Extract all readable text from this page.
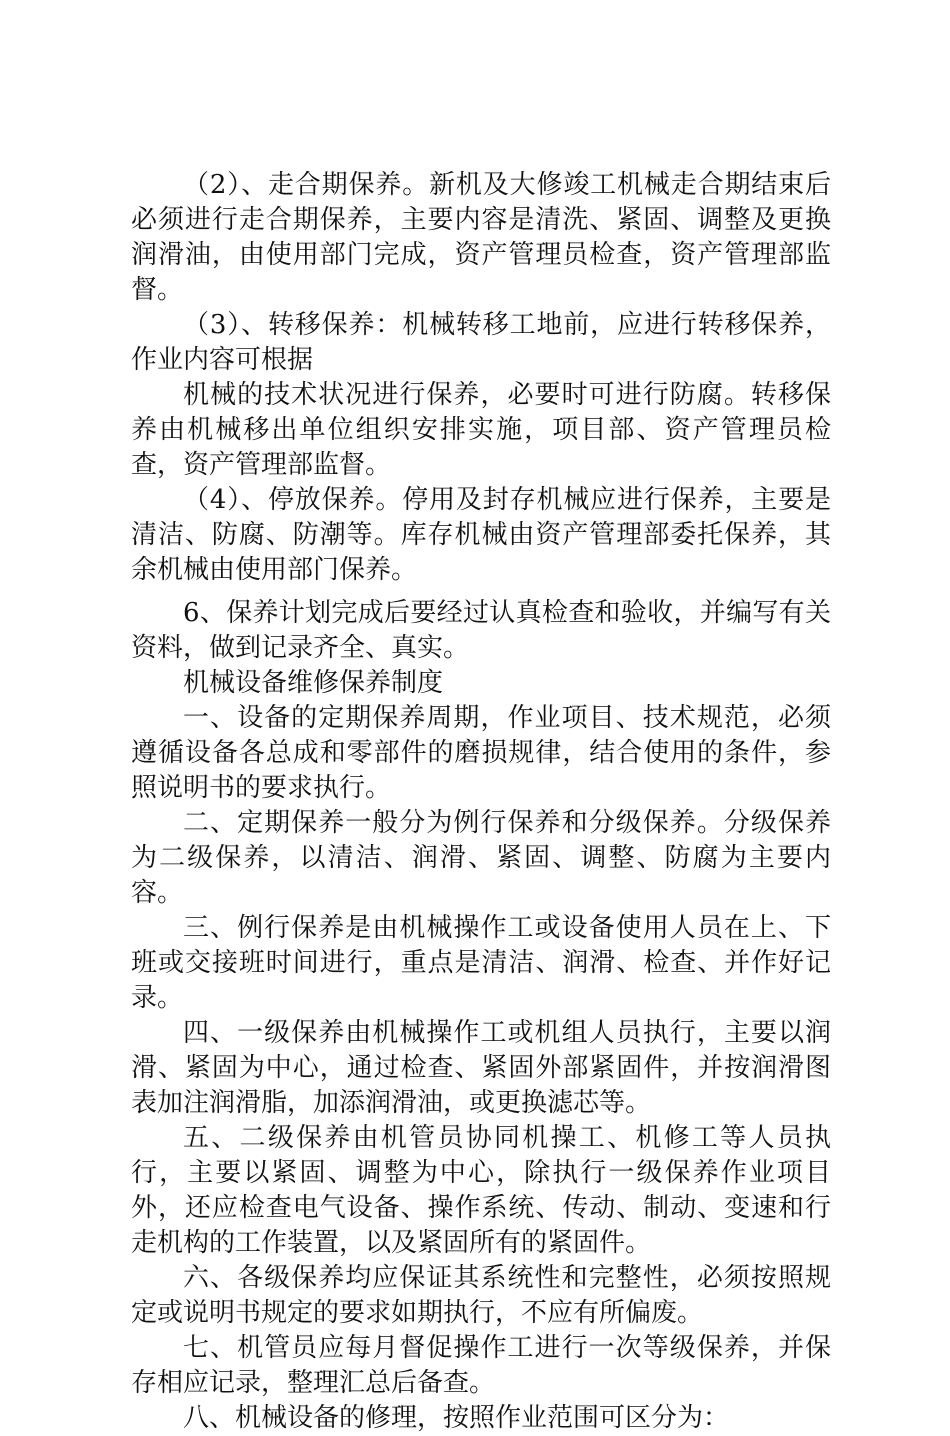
（2）、走合期保养。新机及大修竣工机械走合期结束后必须进行走合期保养，主要内容是清洗、紧固、调整及更换润滑油，由使用部门完成，资产管理员检查，资产管理部监督。

（3）、转移保养：机械转移工地前，应进行转移保养，作业内容可根据

机械的技术状况进行保养，必要时可进行防腐。转移保养由机械移出单位组织安排实施，项目部、资产管理员检查，资产管理部监督。

（4）、停放保养。停用及封存机械应进行保养，主要是清洁、防腐、防潮等。库存机械由资产管理部委托保养，其余机械由使用部门保养。

6、保养计划完成后要经过认真检查和验收，并编写有关资料，做到记录齐全、真实。

机械设备维修保养制度

一、设备的定期保养周期，作业项目、技术规范，必须遵循设备各总成和零部件的磨损规律，结合使用的条件，参照说明书的要求执行。

二、定期保养一般分为例行保养和分级保养。分级保养为二级保养，以清洁、润滑、紧固、调整、防腐为主要内容。

三、例行保养是由机械操作工或设备使用人员在上、下班或交接班时间进行，重点是清洁、润滑、检查、并作好记录。

四、一级保养由机械操作工或机组人员执行，主要以润滑、紧固为中心，通过检查、紧固外部紧固件，并按润滑图表加注润滑脂，加添润滑油，或更换滤芯等。

五、二级保养由机管员协同机操工、机修工等人员执行，主要以紧固、调整为中心，除执行一级保养作业项目外，还应检查电气设备、操作系统、传动、制动、变速和行走机构的工作装置，以及紧固所有的紧固件。

六、各级保养均应保证其系统性和完整性，必须按照规定或说明书规定的要求如期执行，不应有所偏废。

七、机管员应每月督促操作工进行一次等级保养，并保存相应记录，整理汇总后备查。

八、机械设备的修理，按照作业范围可区分为：
